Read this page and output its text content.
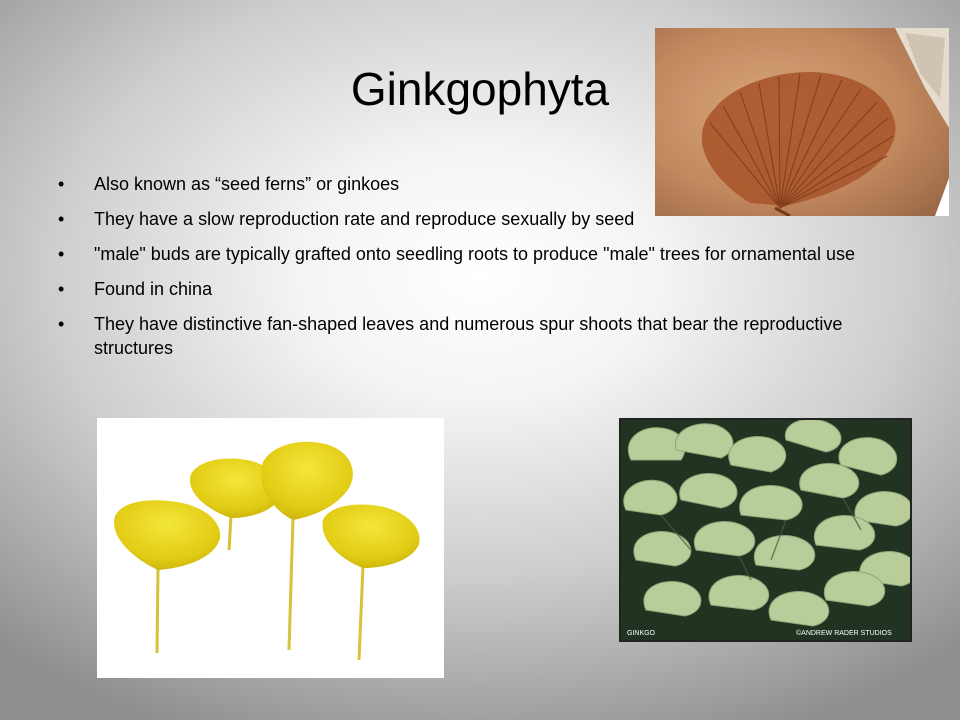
Ginkgophyta
•	Also known as “seed ferns” or ginkoes
•	They have a slow reproduction rate and reproduce sexually by seed
•	"male" buds are typically grafted onto seedling roots to produce "male" trees for ornamental use
•	Found in china
•	They have distinctive fan-shaped leaves and numerous spur shoots that bear the reproductive structures
GINKGO	©ANDREW RADER STUDIOS
